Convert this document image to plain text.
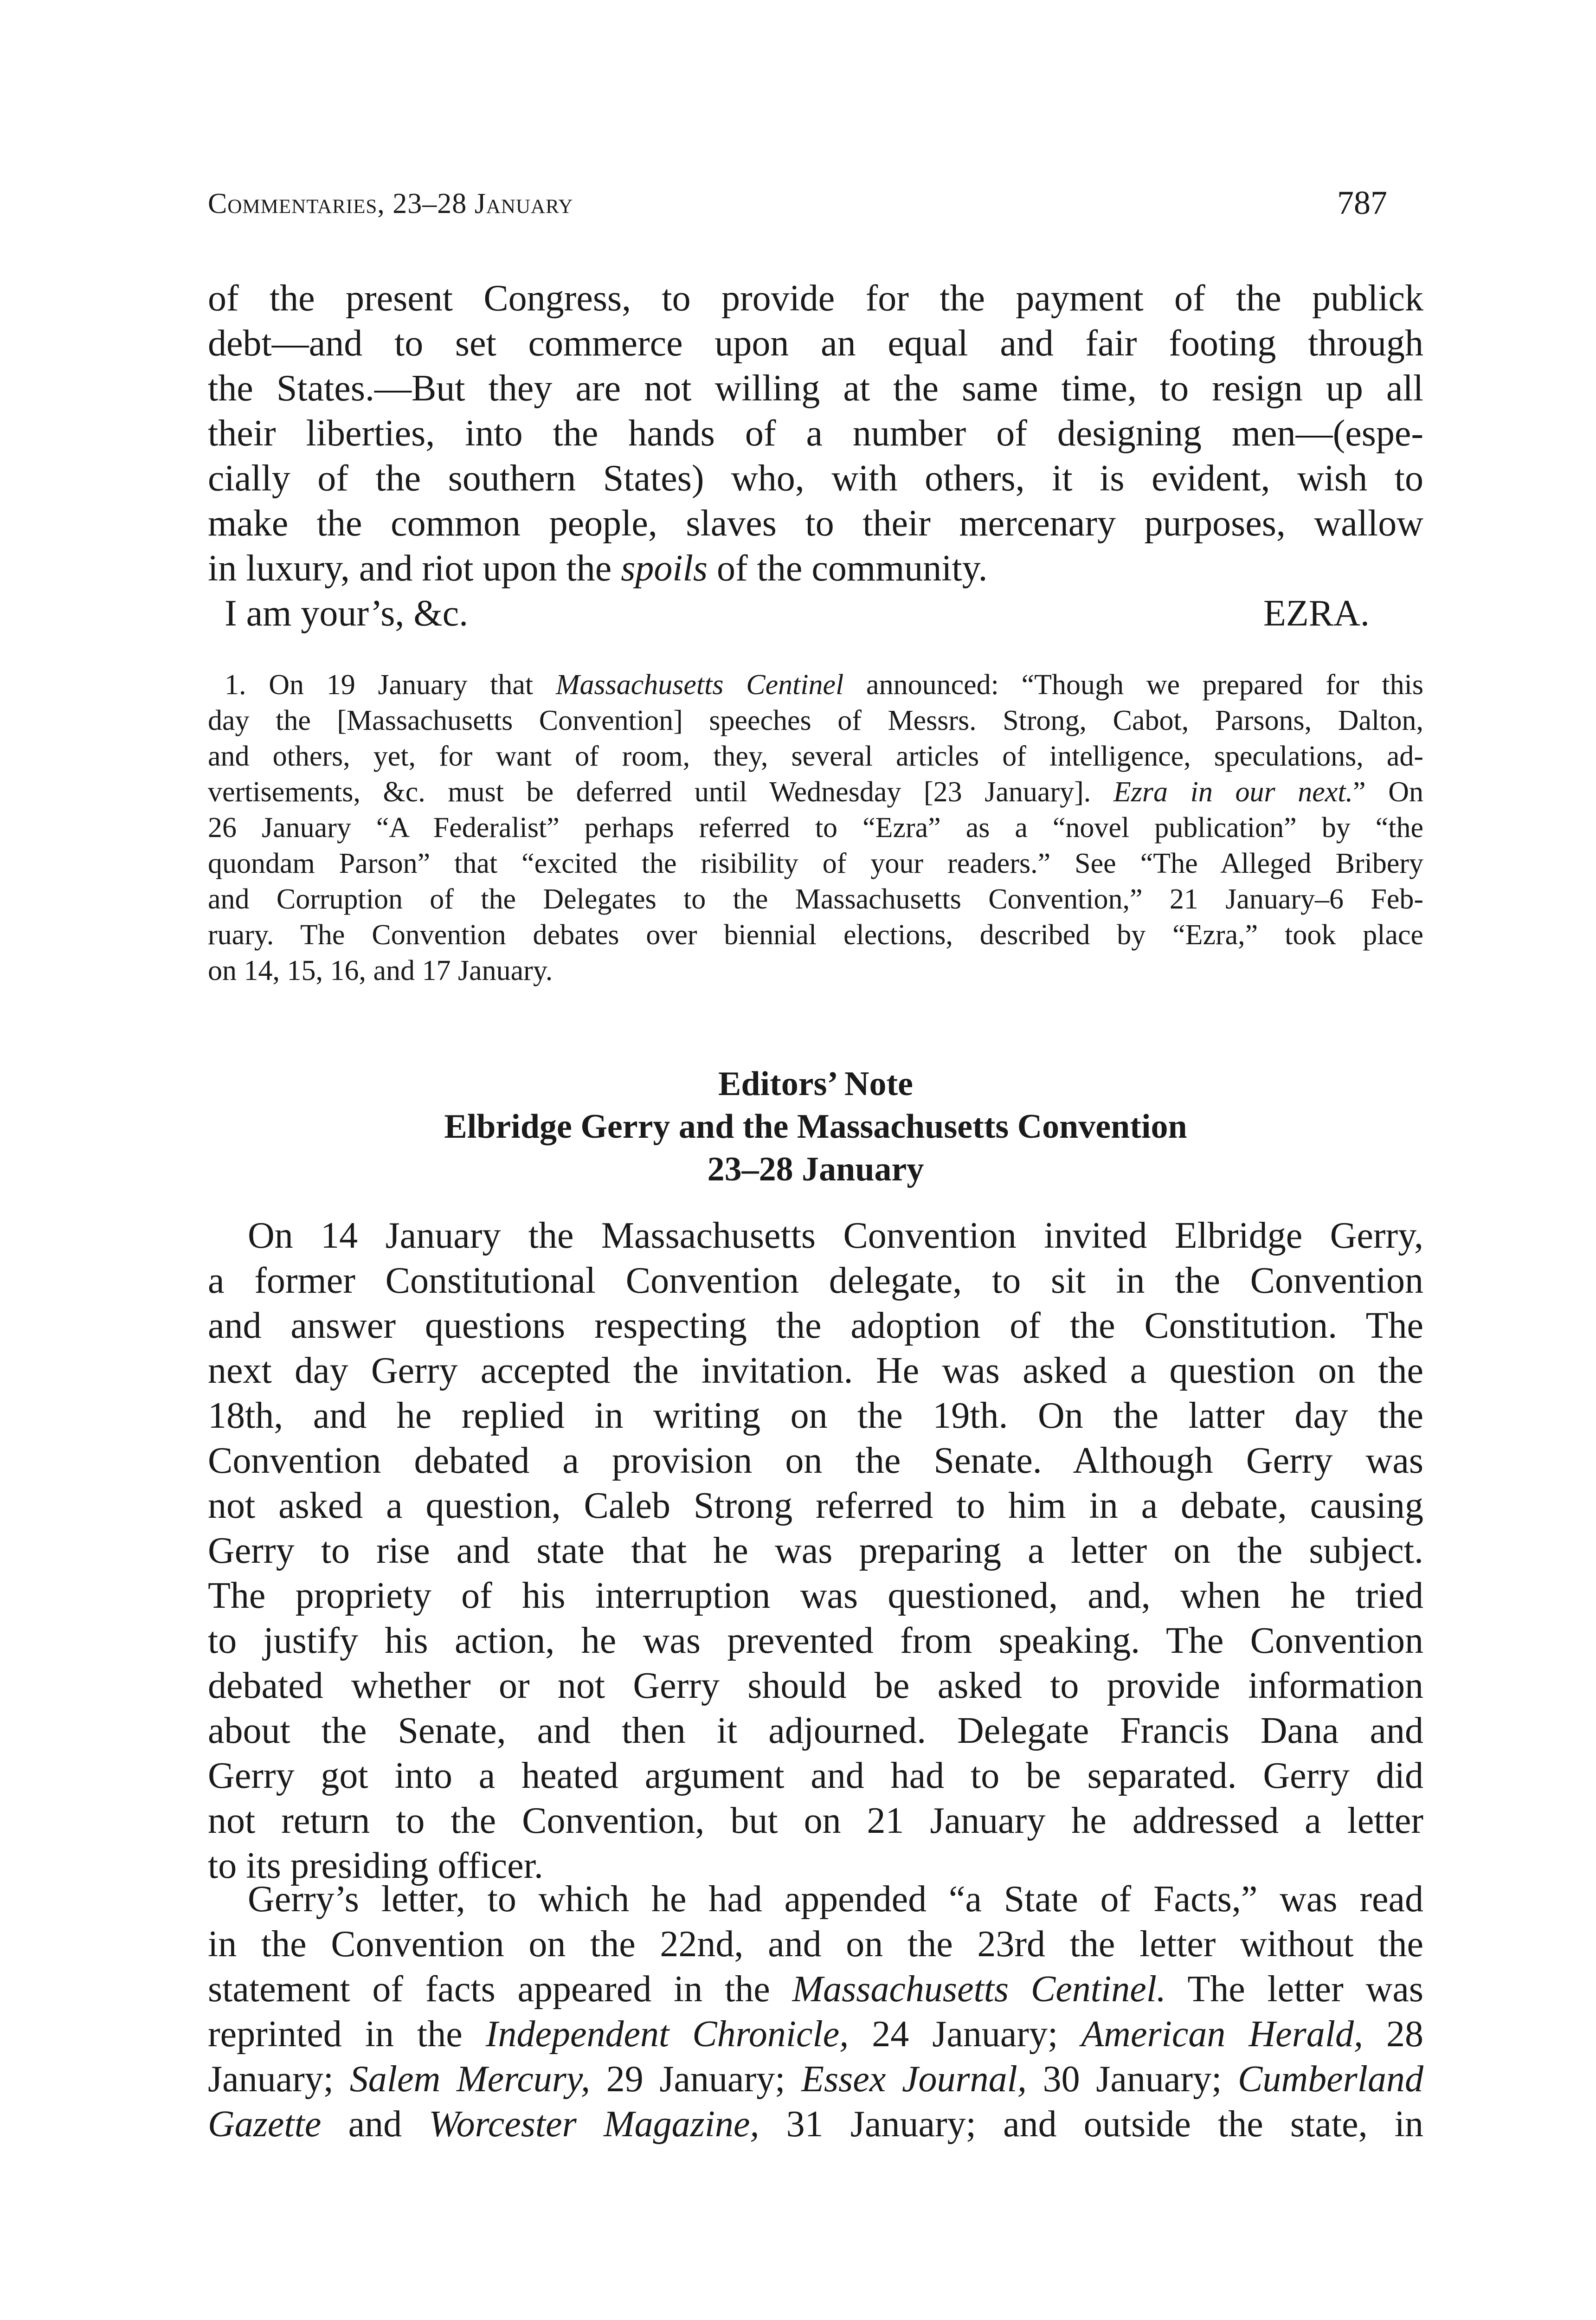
Commentaries, 23–28 January	787

of the present Congress, to provide for the payment of the publick
debt—and to set commerce upon an equal and fair footing through
the States.—But they are not willing at the same time, to resign up all
their liberties, into the hands of a number of designing men—(espe-
cially of the southern States) who, with others, it is evident, wish to
make the common people, slaves to their mercenary purposes, wallow
in luxury, and riot upon the spoils of the community.

I am your’s, &c.	EZRA.
1. On 19 January that Massachusetts Centinel announced: “Though we prepared for this
day the [Massachusetts Convention] speeches of Messrs. Strong, Cabot, Parsons, Dalton,
and others, yet, for want of room, they, several articles of intelligence, speculations, ad-
vertisements, &c. must be deferred until Wednesday [23 January]. Ezra in our next.” On
26 January “A Federalist” perhaps referred to “Ezra” as a “novel publication” by “the
quondam Parson” that “excited the risibility of your readers.” See “The Alleged Bribery
and Corruption of the Delegates to the Massachusetts Convention,” 21 January–6 Feb-
ruary. The Convention debates over biennial elections, described by “Ezra,” took place
on 14, 15, 16, and 17 January.
Editors’ Note
Elbridge Gerry and the Massachusetts Convention
23–28 January

On 14 January the Massachusetts Convention invited Elbridge Gerry,
a former Constitutional Convention delegate, to sit in the Convention
and answer questions respecting the adoption of the Constitution. The
next day Gerry accepted the invitation. He was asked a question on the
18th, and he replied in writing on the 19th. On the latter day the
Convention debated a provision on the Senate. Although Gerry was
not asked a question, Caleb Strong referred to him in a debate, causing
Gerry to rise and state that he was preparing a letter on the subject.
The propriety of his interruption was questioned, and, when he tried
to justify his action, he was prevented from speaking. The Convention
debated whether or not Gerry should be asked to provide information
about the Senate, and then it adjourned. Delegate Francis Dana and
Gerry got into a heated argument and had to be separated. Gerry did
not return to the Convention, but on 21 January he addressed a letter
to its presiding officer.

Gerry’s letter, to which he had appended “a State of Facts,” was read
in the Convention on the 22nd, and on the 23rd the letter without the
statement of facts appeared in the Massachusetts Centinel. The letter was
reprinted in the Independent Chronicle, 24 January; American Herald, 28
January; Salem Mercury, 29 January; Essex Journal, 30 January; Cumberland
Gazette and Worcester Magazine, 31 January; and outside the state, in
